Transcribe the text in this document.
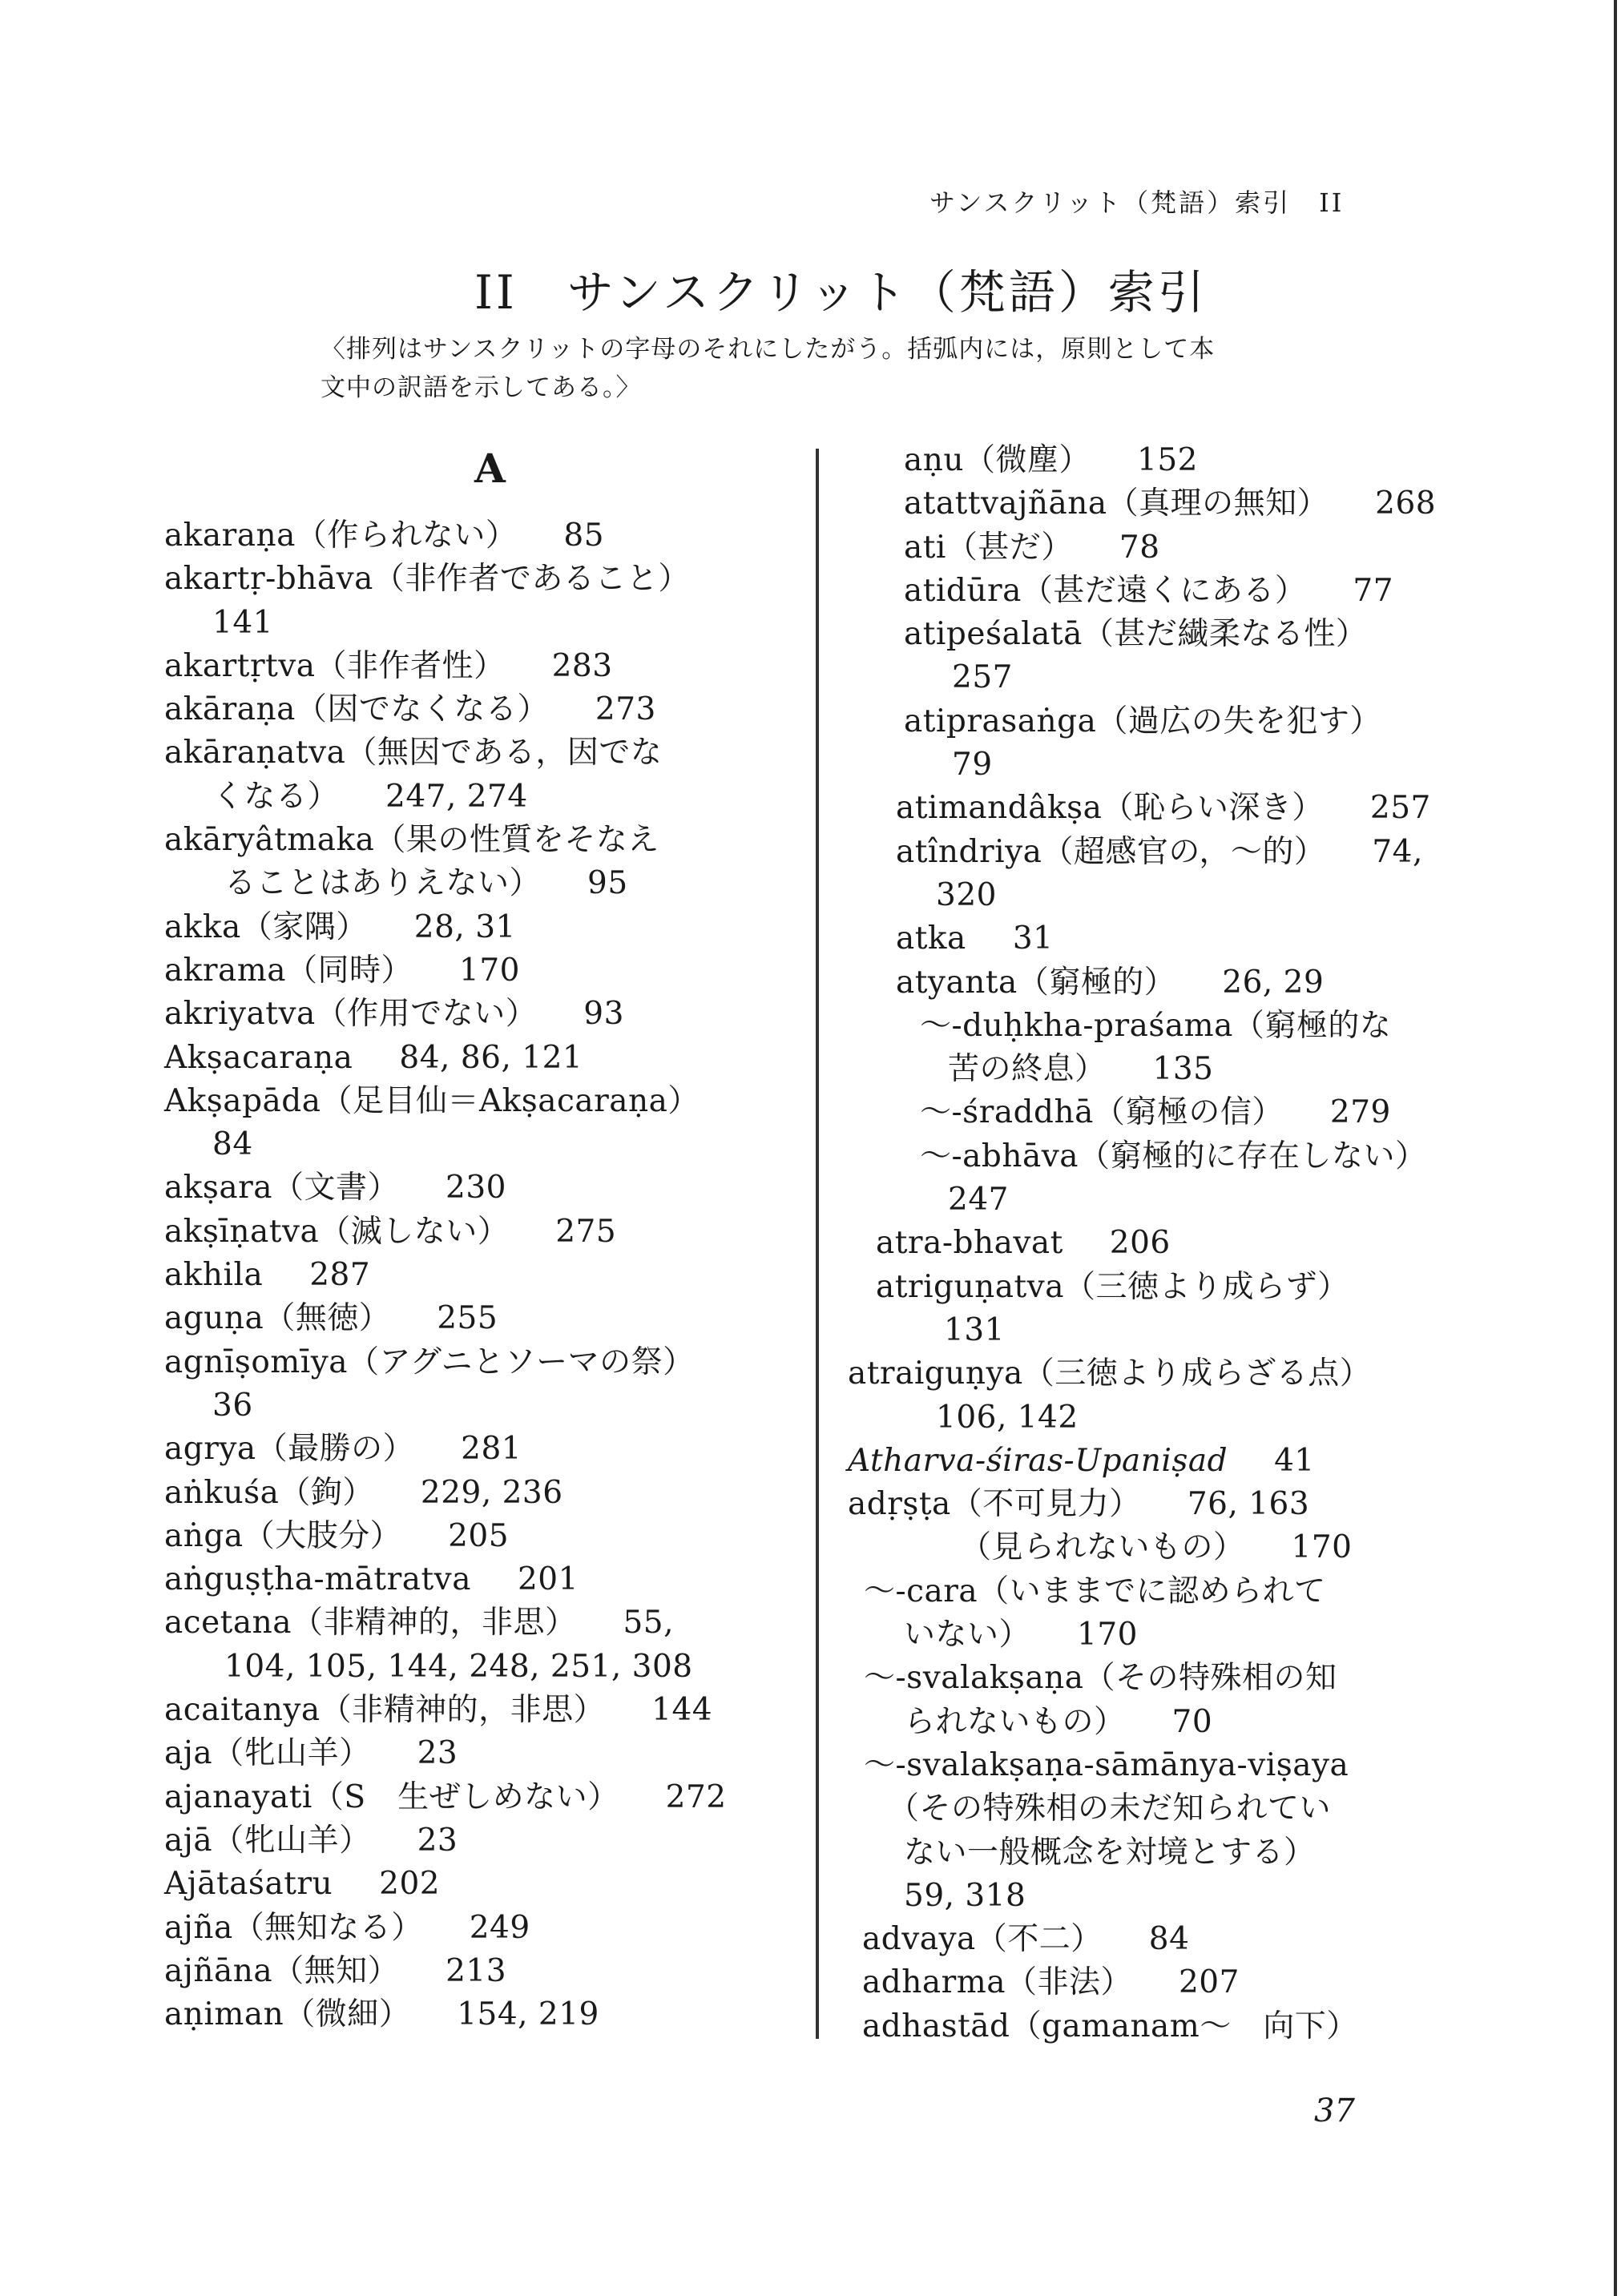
サンスクリット（梵語）索引　II
II　サンスクリット（梵語）索引
〈排列はサンスクリットの字母のそれにしたがう。括弧内には，原則として本
文中の訳語を示してある。〉
A
akaraṇa（作られない） 85
akartṛ-bhāva（非作者であること）
141
akartṛtva（非作者性） 283
akāraṇa（因でなくなる） 273
akāraṇatva（無因である，因でな
くなる） 247, 274
akāryâtmaka（果の性質をそなえ
ることはありえない） 95
akka（家隅） 28, 31
akrama（同時） 170
akriyatva（作用でない） 93
Akṣacaraṇa 84, 86, 121
Akṣapāda（足目仙＝Akṣacaraṇa）
84
akṣara（文書） 230
akṣīṇatva（滅しない） 275
akhila 287
aguṇa（無徳） 255
agnīṣomīya（アグニとソーマの祭）
36
agrya（最勝の） 281
aṅkuśa（鉤） 229, 236
aṅga（大肢分） 205
aṅguṣṭha-mātratva 201
acetana（非精神的，非思） 55,
104, 105, 144, 248, 251, 308
acaitanya（非精神的，非思） 144
aja（牝山羊） 23
ajanayati（S　生ぜしめない） 272
ajā（牝山羊） 23
Ajātaśatru 202
ajña（無知なる） 249
ajñāna（無知） 213
aṇiman（微細） 154, 219
aṇu（微塵） 152
atattvajñāna（真理の無知） 268
ati（甚だ） 78
atidūra（甚だ遠くにある） 77
atipeśalatā（甚だ繊柔なる性）
257
atiprasaṅga（過広の失を犯す）
79
atimandâkṣa（恥らい深き） 257
atîndriya（超感官の，〜的） 74,
320
atka 31
atyanta（窮極的） 26, 29
〜-duḥkha-praśama（窮極的な
苦の終息） 135
〜-śraddhā（窮極の信） 279
〜-abhāva（窮極的に存在しない）
247
atra-bhavat 206
atriguṇatva（三徳より成らず）
131
atraiguṇya（三徳より成らざる点）
106, 142
Atharva-śiras-Upaniṣad 41
adṛṣṭa（不可見力） 76, 163
（見られないもの） 170
〜-cara（いままでに認められて
いない） 170
〜-svalakṣaṇa（その特殊相の知
られないもの） 70
〜-svalakṣaṇa-sāmānya-viṣaya
（その特殊相の未だ知られてい
ない一般概念を対境とする）
59, 318
advaya（不二） 84
adharma（非法） 207
adhastād（gamanam〜　向下）
37
